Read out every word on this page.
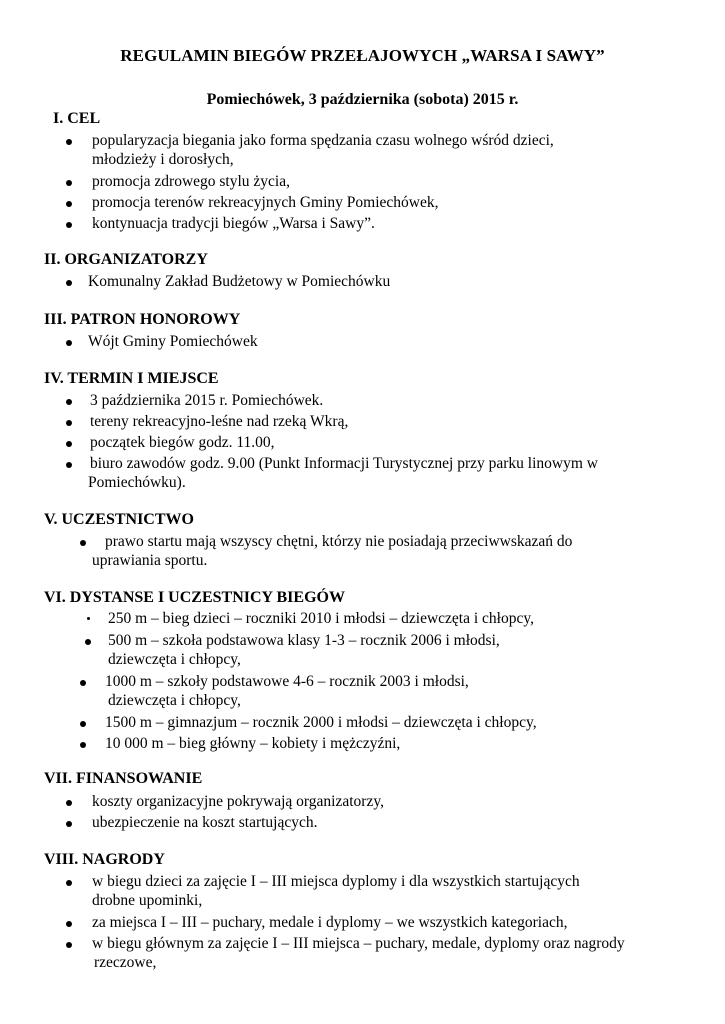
REGULAMIN BIEGÓW PRZEŁAJOWYCH „WARSA I SAWY”
Pomiechówek, 3 października (sobota) 2015 r.
I. CEL
popularyzacja biegania jako forma spędzania czasu wolnego wśród dzieci,
młodzieży i dorosłych,
promocja zdrowego stylu życia,
promocja terenów rekreacyjnych Gminy Pomiechówek,
kontynuacja tradycji biegów „Warsa i Sawy”.
II. ORGANIZATORZY
Komunalny Zakład Budżetowy w Pomiechówku
III. PATRON HONOROWY
Wójt Gminy Pomiechówek
IV. TERMIN I MIEJSCE
3 października 2015 r. Pomiechówek.
tereny rekreacyjno-leśne nad rzeką Wkrą,
początek biegów godz. 11.00,
biuro zawodów godz. 9.00 (Punkt Informacji Turystycznej przy parku linowym w
Pomiechówku).
V. UCZESTNICTWO
prawo startu mają wszyscy chętni, którzy nie posiadają przeciwwskazań do
uprawiania sportu.
VI. DYSTANSE I UCZESTNICY BIEGÓW
250 m – bieg dzieci – roczniki 2010 i młodsi – dziewczęta i chłopcy,
500 m – szkoła podstawowa klasy 1-3 – rocznik 2006 i młodsi,
dziewczęta i chłopcy,
1000 m – szkoły podstawowe 4-6 – rocznik 2003 i młodsi,
dziewczęta i chłopcy,
1500 m – gimnazjum – rocznik 2000 i młodsi – dziewczęta i chłopcy,
10 000 m – bieg główny – kobiety i mężczyźni,
VII. FINANSOWANIE
koszty organizacyjne pokrywają organizatorzy,
ubezpieczenie na koszt startujących.
VIII. NAGRODY
w biegu dzieci za zajęcie I – III miejsca dyplomy i dla wszystkich startujących
drobne upominki,
za miejsca I – III – puchary, medale i dyplomy – we wszystkich kategoriach,
w biegu głównym za zajęcie I – III miejsca – puchary, medale, dyplomy oraz nagrody
rzeczowe,
